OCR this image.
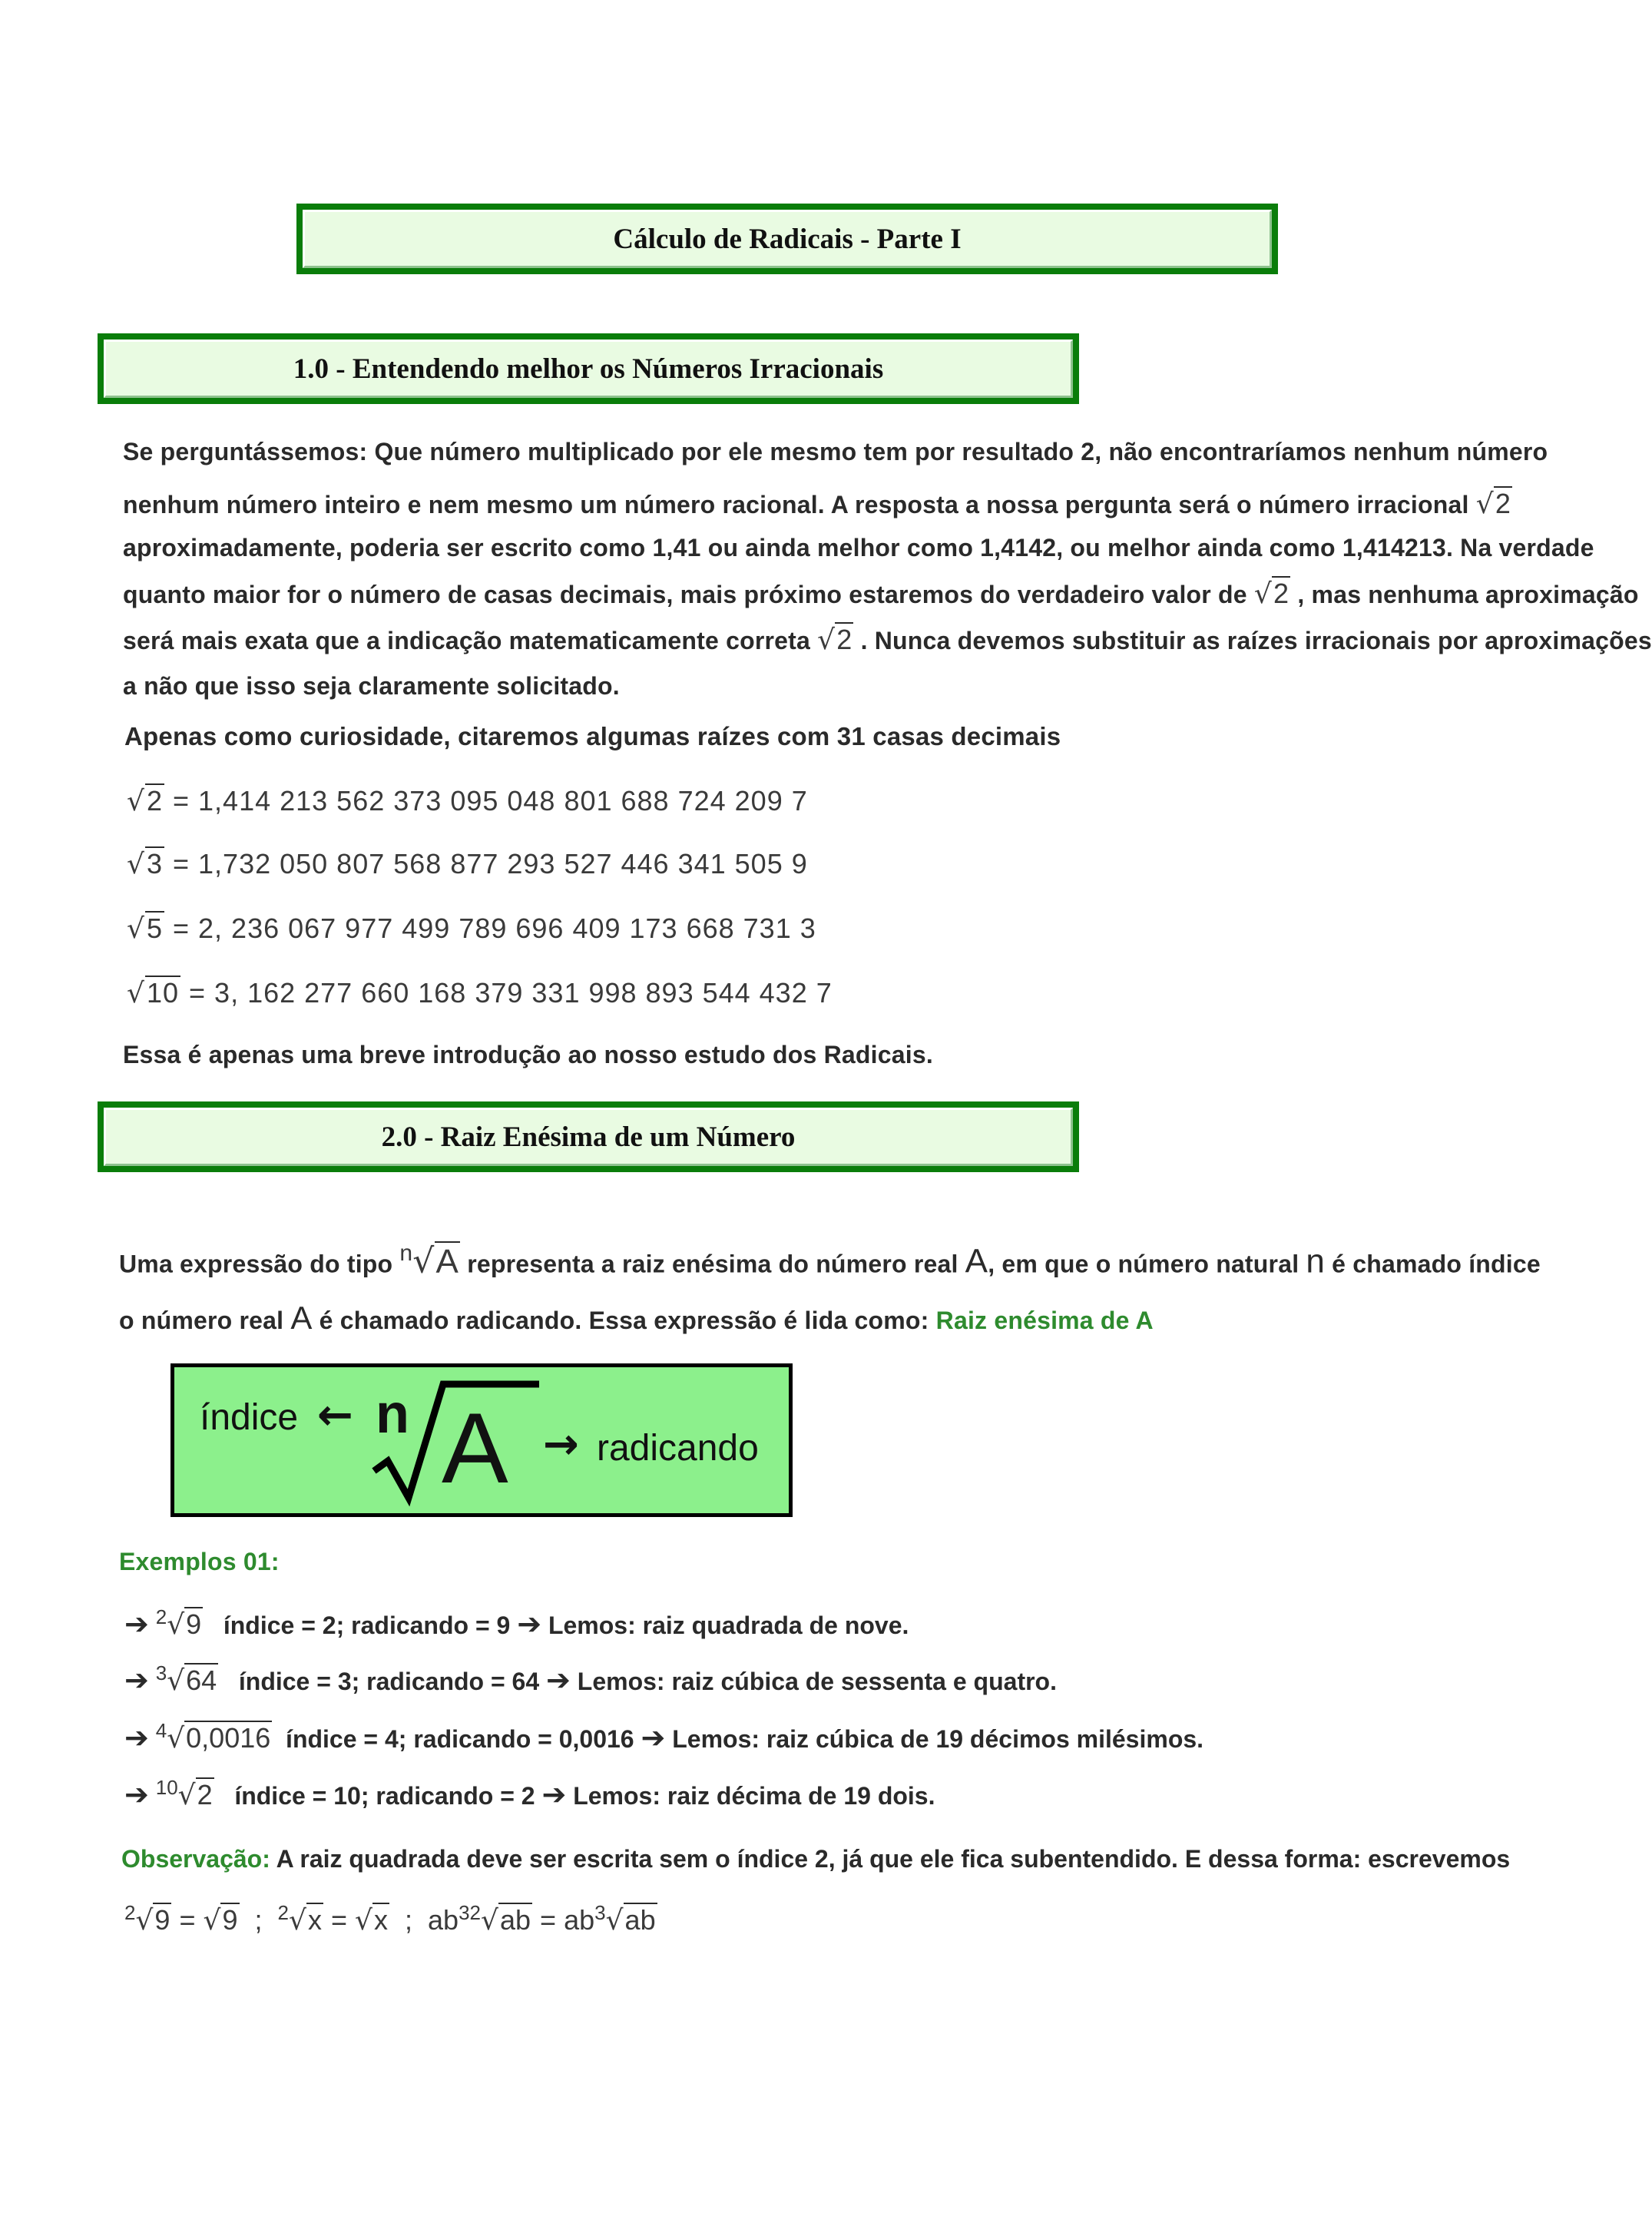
Cálculo de Radicais - Parte I
1.0 - Entendendo melhor os Números Irracionais
Se perguntássemos: Que número multiplicado por ele mesmo tem por resultado 2, não encontraríamos nenhum número
nenhum número inteiro e nem mesmo um número racional. A resposta a nossa pergunta será o número irracional √2
aproximadamente, poderia ser escrito como 1,41 ou ainda melhor como 1,4142, ou melhor ainda como 1,414213. Na verdade
quanto maior for o número de casas decimais, mais próximo estaremos do verdadeiro valor de √2 , mas nenhuma aproximação
será mais exata que a indicação matematicamente correta √2 . Nunca devemos substituir as raízes irracionais por aproximações
a não que isso seja claramente solicitado.
Apenas como curiosidade, citaremos algumas raízes com 31 casas decimais
√2 = 1,414 213 562 373 095 048 801 688 724 209 7
√3 = 1,732 050 807 568 877 293 527 446 341 505 9
√5 = 2, 236 067 977 499 789 696 409 173 668 731 3
√10 = 3, 162 277 660 168 379 331 998 893 544 432 7
Essa é apenas uma breve introdução ao nosso estudo dos Radicais.
2.0 - Raiz Enésima de um Número
Uma expressão do tipo $^n$√A representa a raiz enésima do número real A, em que o número natural n é chamado índice
o número real A é chamado radicando. Essa expressão é lida como: Raiz enésima de A
índice ← n A → radicando
Exemplos 01:
➔ $^2$√9 índice = 2; radicando = 9 ➔ Lemos: raiz quadrada de nove.
➔ $^3$√64 índice = 3; radicando = 64 ➔ Lemos: raiz cúbica de sessenta e quatro.
➔ $^4$√0,0016 índice = 4; radicando = 0,0016 ➔ Lemos: raiz cúbica de 19 décimos milésimos.
➔ $^{10}$√2 índice = 10; radicando = 2 ➔ Lemos: raiz décima de 19 dois.
Observação: A raiz quadrada deve ser escrita sem o índice 2, já que ele fica subentendido. E dessa forma: escrevemos
$^2$√9 = √9 ; $^2$√x = √x ; $ab^{32}√ab = ab^3√ab$
